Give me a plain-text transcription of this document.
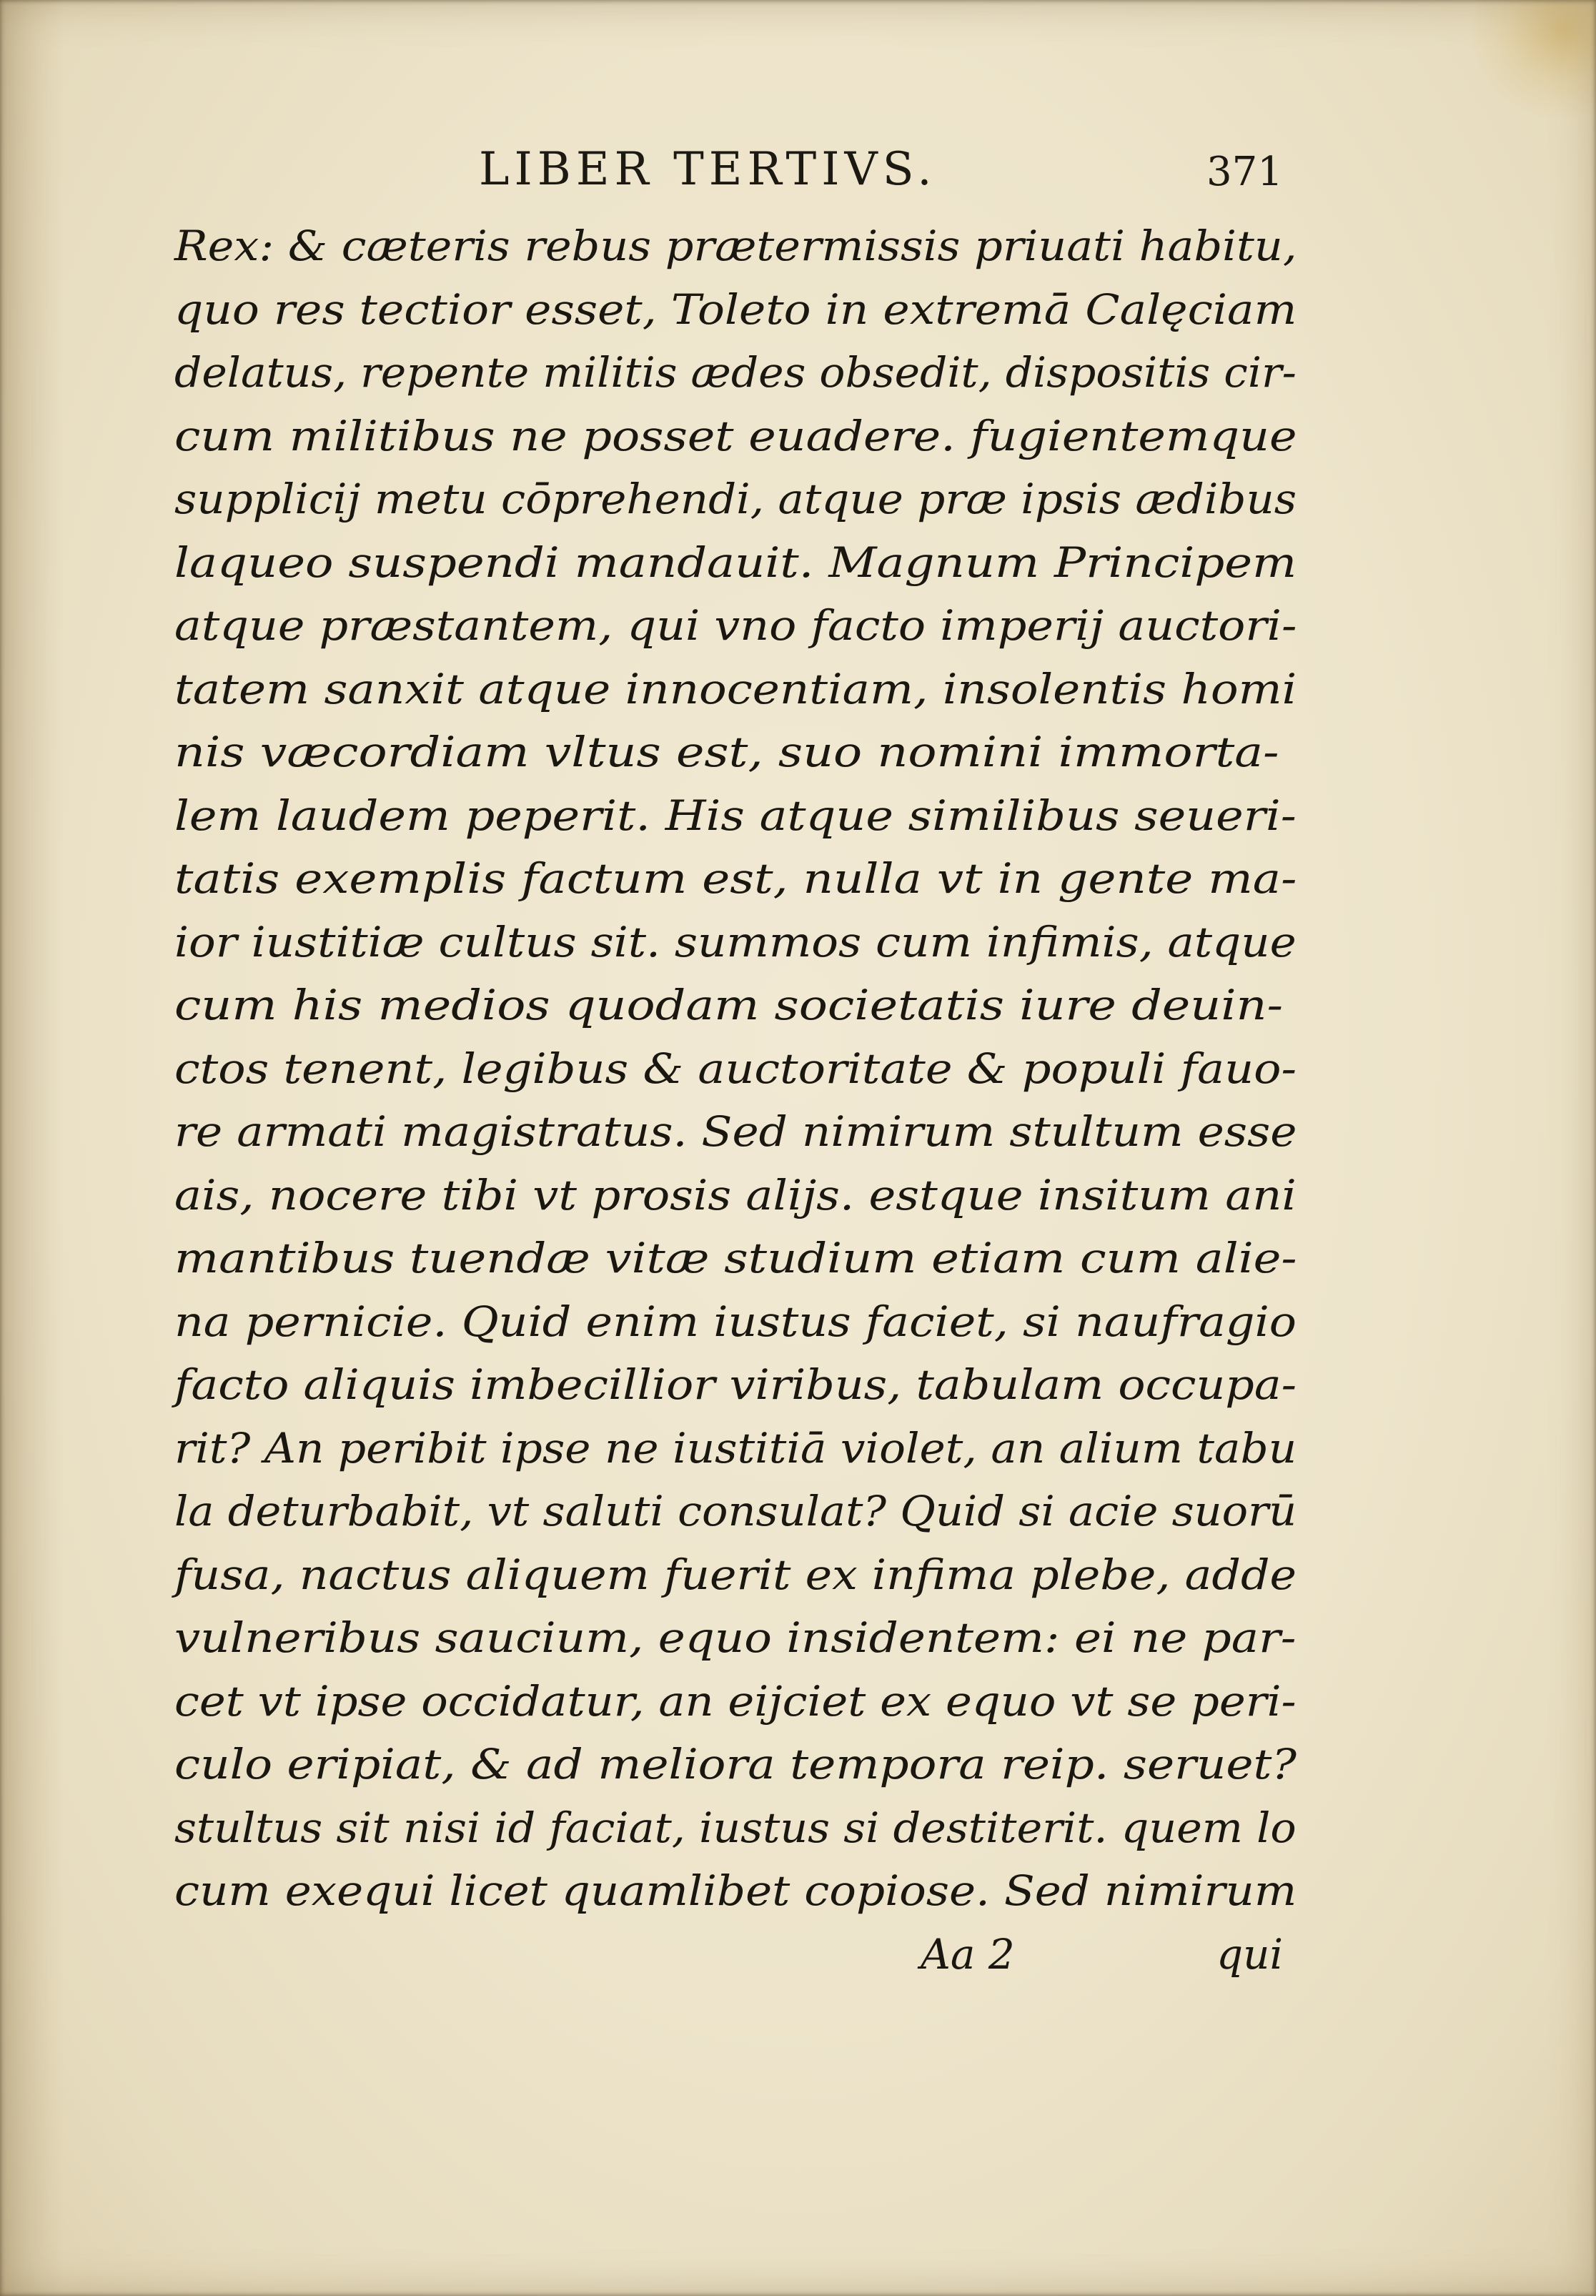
LIBER TERTIVS.	371
Rex: & cæteris rebus prætermissis priuati habitu,
quo res tectior esset, Toleto in extremā Calęciam
delatus, repente militis ædes obsedit, dispositis cir-
cum militibus ne posset euadere. fugientemque
supplicij metu cōprehendi, atque præ ipsis ædibus
laqueo suspendi mandauit. Magnum Principem
atque præstantem, qui vno facto imperij auctori-
tatem sanxit atque innocentiam, insolentis homi
nis væcordiam vltus est, suo nomini immorta-
lem laudem peperit. His atque similibus seueri-
tatis exemplis factum est, nulla vt in gente ma-
ior iustitiæ cultus sit. summos cum infimis, atque
cum his medios quodam societatis iure deuin-
ctos tenent, legibus & auctoritate & populi fauo-
re armati magistratus. Sed nimirum stultum esse
ais, nocere tibi vt prosis alijs. estque insitum ani
mantibus tuendæ vitæ studium etiam cum alie-
na pernicie. Quid enim iustus faciet, si naufragio
facto aliquis imbecillior viribus, tabulam occupa-
rit? An peribit ipse ne iustitiā violet, an alium tabu
la deturbabit, vt saluti consulat? Quid si acie suorū
fusa, nactus aliquem fuerit ex infima plebe, adde
vulneribus saucium, equo insidentem: ei ne par-
cet vt ipse occidatur, an eijciet ex equo vt se peri-
culo eripiat, & ad meliora tempora reip. seruet?
stultus sit nisi id faciat, iustus si destiterit. quem lo
cum exequi licet quamlibet copiose. Sed nimirum
Aa 2	qui
